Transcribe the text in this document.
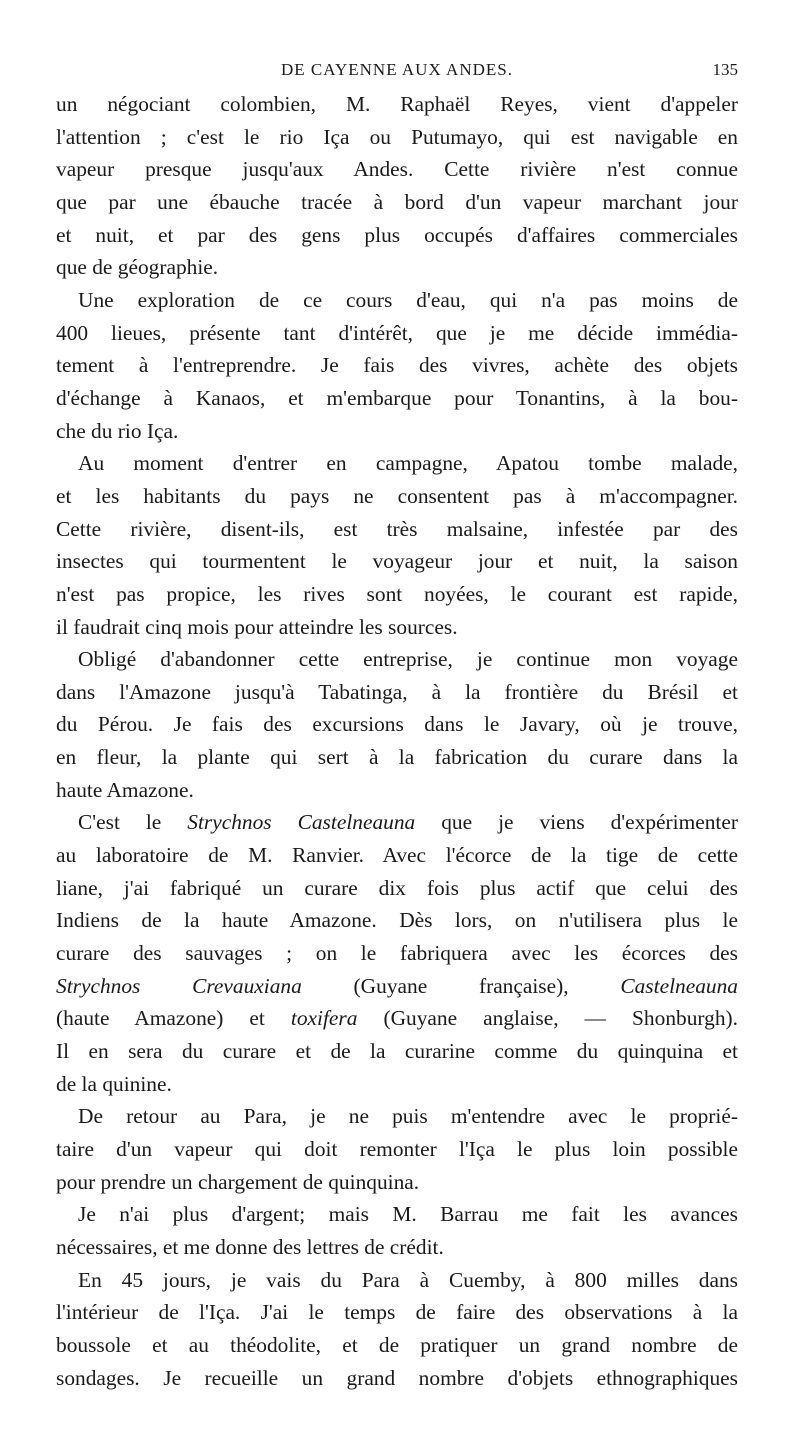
DE CAYENNE AUX ANDES.	135
un négociant colombien, M. Raphaël Reyes, vient d'appeler
l'attention ; c'est le rio Iça ou Putumayo, qui est navigable en
vapeur presque jusqu'aux Andes. Cette rivière n'est connue
que par une ébauche tracée à bord d'un vapeur marchant jour
et nuit, et par des gens plus occupés d'affaires commerciales
que de géographie.
Une exploration de ce cours d'eau, qui n'a pas moins de
400 lieues, présente tant d'intérêt, que je me décide immédia-
tement à l'entreprendre. Je fais des vivres, achète des objets
d'échange à Kanaos, et m'embarque pour Tonantins, à la bou-
che du rio Iça.
Au moment d'entrer en campagne, Apatou tombe malade,
et les habitants du pays ne consentent pas à m'accompagner.
Cette rivière, disent-ils, est très malsaine, infestée par des
insectes qui tourmentent le voyageur jour et nuit, la saison
n'est pas propice, les rives sont noyées, le courant est rapide,
il faudrait cinq mois pour atteindre les sources.
Obligé d'abandonner cette entreprise, je continue mon voyage
dans l'Amazone jusqu'à Tabatinga, à la frontière du Brésil et
du Pérou. Je fais des excursions dans le Javary, où je trouve,
en fleur, la plante qui sert à la fabrication du curare dans la
haute Amazone.
C'est le Strychnos Castelneauna que je viens d'expérimenter
au laboratoire de M. Ranvier. Avec l'écorce de la tige de cette
liane, j'ai fabriqué un curare dix fois plus actif que celui des
Indiens de la haute Amazone. Dès lors, on n'utilisera plus le
curare des sauvages ; on le fabriquera avec les écorces des
Strychnos Crevauxiana (Guyane française), Castelneauna
(haute Amazone) et toxifera (Guyane anglaise, — Shonburgh).
Il en sera du curare et de la curarine comme du quinquina et
de la quinine.
De retour au Para, je ne puis m'entendre avec le proprié-
taire d'un vapeur qui doit remonter l'Iça le plus loin possible
pour prendre un chargement de quinquina.
Je n'ai plus d'argent; mais M. Barrau me fait les avances
nécessaires, et me donne des lettres de crédit.
En 45 jours, je vais du Para à Cuemby, à 800 milles dans
l'intérieur de l'Iça. J'ai le temps de faire des observations à la
boussole et au théodolite, et de pratiquer un grand nombre de
sondages. Je recueille un grand nombre d'objets ethnographiques
